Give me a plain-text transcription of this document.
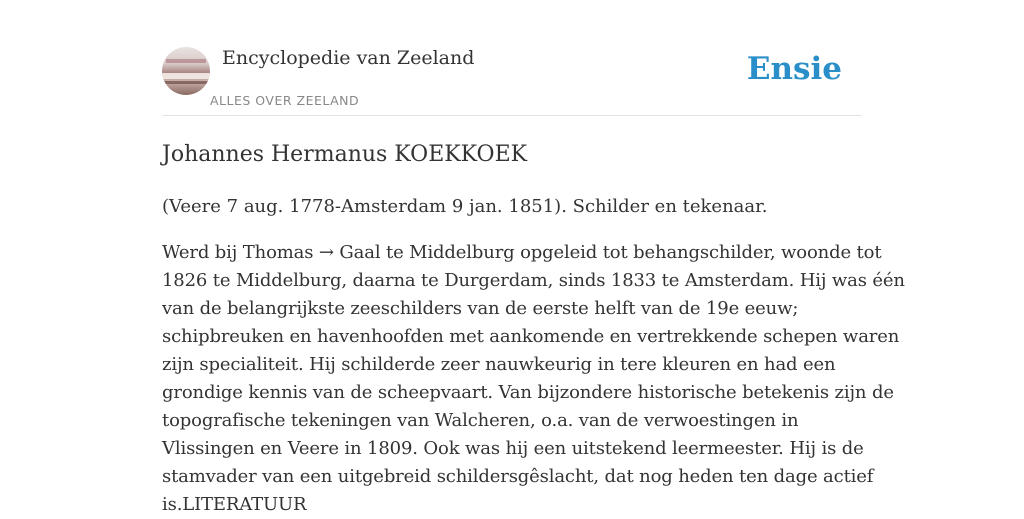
Encyclopedie van Zeeland
ALLES OVER ZEELAND
Ensie
Johannes Hermanus KOEKKOEK

(Veere 7 aug. 1778-Amsterdam 9 jan. 1851). Schilder en tekenaar.

Werd bij Thomas → Gaal te Middelburg opgeleid tot behangschilder, woonde tot
1826 te Middelburg, daarna te Durgerdam, sinds 1833 te Amsterdam. Hij was één
van de belangrijkste zeeschilders van de eerste helft van de 19e eeuw;
schipbreuken en havenhoofden met aankomende en vertrekkende schepen waren
zijn specialiteit. Hij schilderde zeer nauwkeurig in tere kleuren en had een
grondige kennis van de scheepvaart. Van bijzondere historische betekenis zijn de
topografische tekeningen van Walcheren, o.a. van de verwoestingen in
Vlissingen en Veere in 1809. Ook was hij een uitstekend leermeester. Hij is de
stamvader van een uitgebreid schildersgêslacht, dat nog heden ten dage actief
is.LITERATUUR
